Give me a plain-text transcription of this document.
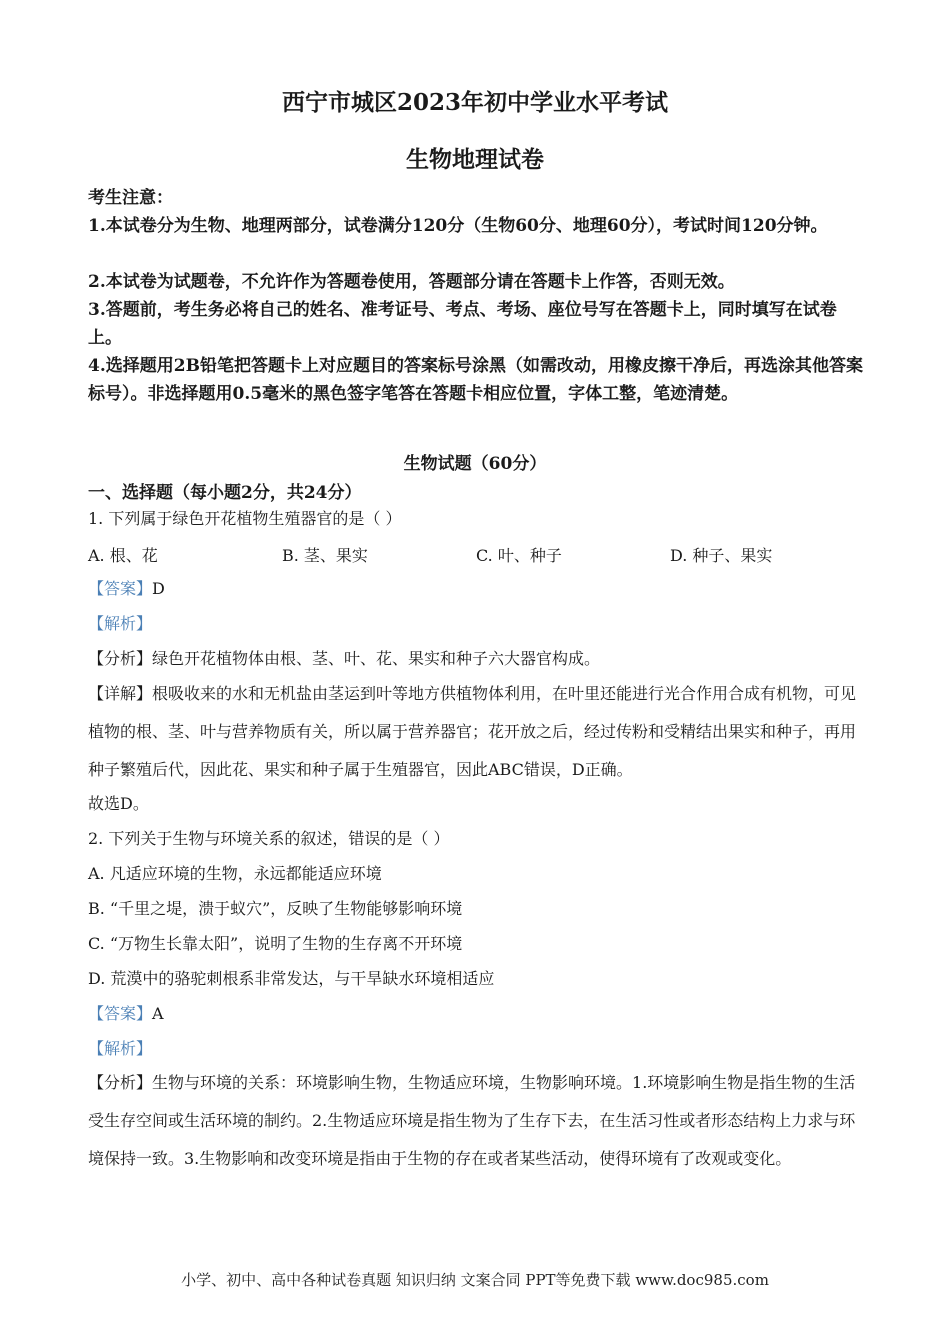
西宁市城区2023年初中学业水平考试
生物地理试卷
考生注意：
1.本试卷分为生物、地理两部分，试卷满分120分（生物60分、地理60分），考试时间120分钟。
2.本试卷为试题卷，不允许作为答题卷使用，答题部分请在答题卡上作答，否则无效。
3.答题前，考生务必将自己的姓名、准考证号、考点、考场、座位号写在答题卡上，同时填写在试卷上。
4.选择题用2B铅笔把答题卡上对应题目的答案标号涂黑（如需改动，用橡皮擦干净后，再选涂其他答案标号）。非选择题用0.5毫米的黑色签字笔答在答题卡相应位置，字体工整，笔迹清楚。
生物试题（60分）
一、选择题（每小题2分，共24分）
1. 下列属于绿色开花植物生殖器官的是（ ）
A. 根、花	B. 茎、果实	C. 叶、种子	D. 种子、果实
【答案】D
【解析】
【分析】绿色开花植物体由根、茎、叶、花、果实和种子六大器官构成。
【详解】根吸收来的水和无机盐由茎运到叶等地方供植物体利用，在叶里还能进行光合作用合成有机物，可见植物的根、茎、叶与营养物质有关，所以属于营养器官；花开放之后，经过传粉和受精结出果实和种子，再用种子繁殖后代，因此花、果实和种子属于生殖器官，因此ABC错误，D正确。
故选D。
2. 下列关于生物与环境关系的叙述，错误的是（ ）
A. 凡适应环境的生物，永远都能适应环境
B. “千里之堤，溃于蚁穴”，反映了生物能够影响环境
C. “万物生长靠太阳”，说明了生物的生存离不开环境
D. 荒漠中的骆驼刺根系非常发达，与干旱缺水环境相适应
【答案】A
【解析】
【分析】生物与环境的关系：环境影响生物，生物适应环境，生物影响环境。1.环境影响生物是指生物的生活受生存空间或生活环境的制约。2.生物适应环境是指生物为了生存下去，在生活习性或者形态结构上力求与环境保持一致。3.生物影响和改变环境是指由于生物的存在或者某些活动，使得环境有了改观或变化。
小学、初中、高中各种试卷真题 知识归纳 文案合同 PPT等免费下载 www.doc985.com
